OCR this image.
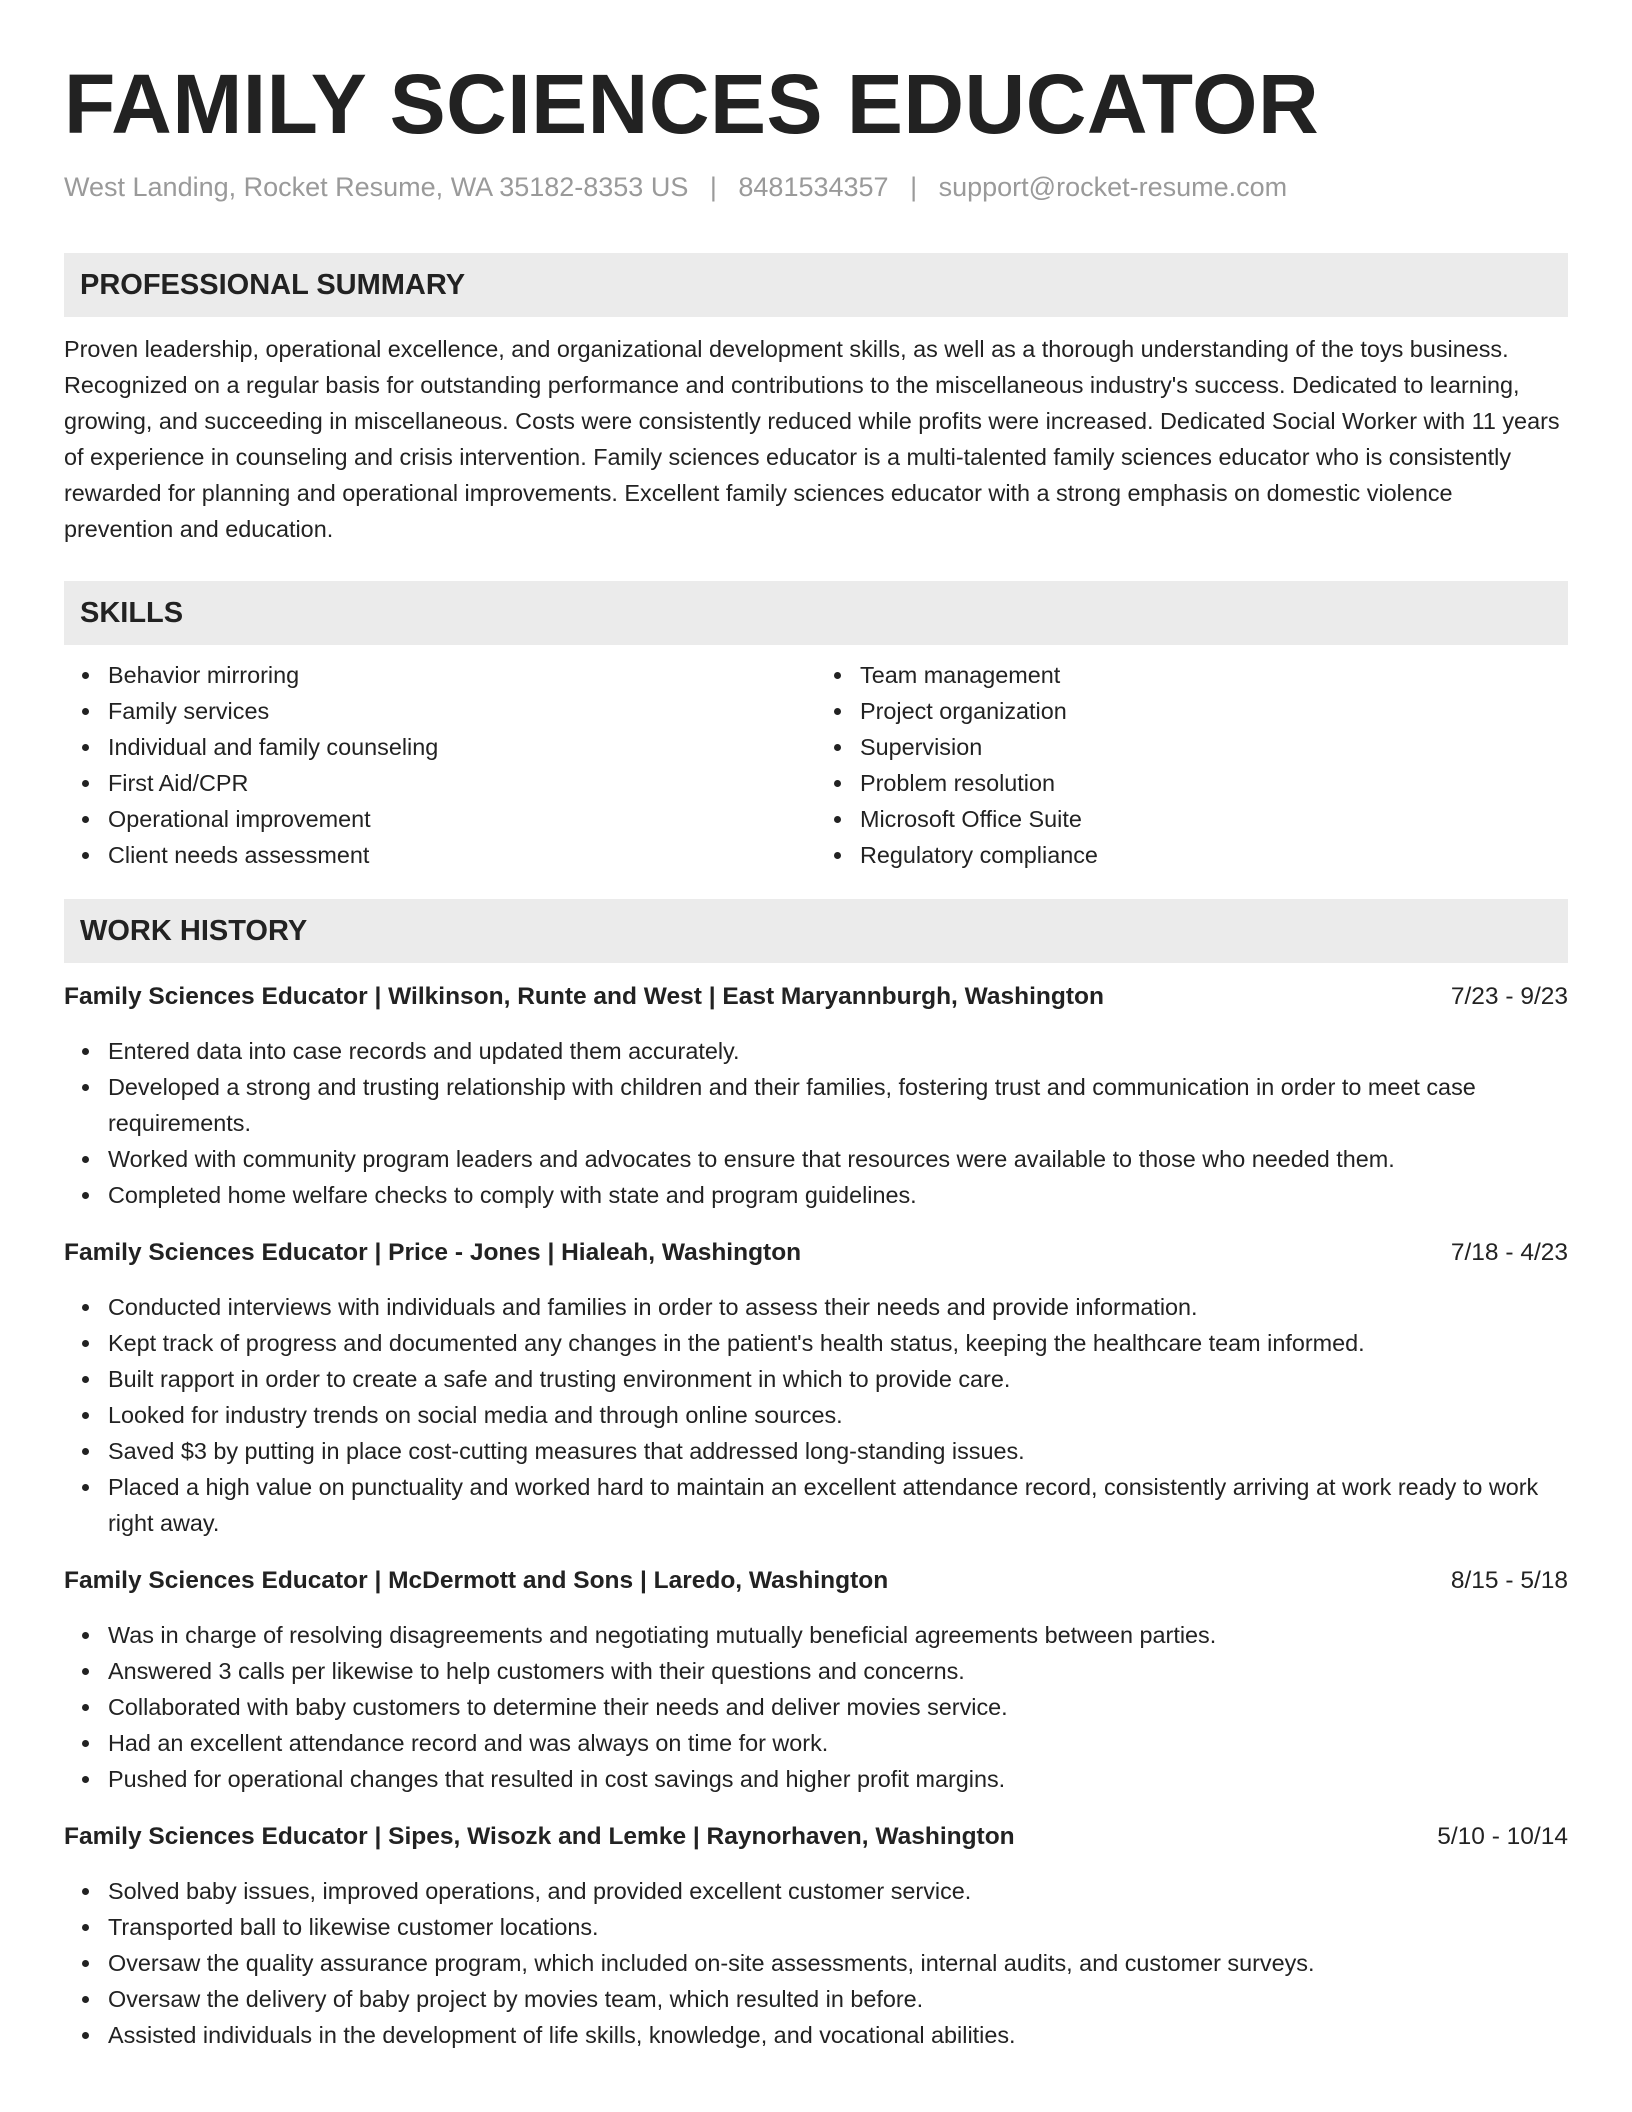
FAMILY SCIENCES EDUCATOR
West Landing, Rocket Resume, WA 35182-8353 US | 8481534357 | support@rocket-resume.com
PROFESSIONAL SUMMARY

Proven leadership, operational excellence, and organizational development skills, as well as a thorough understanding of the toys business. Recognized on a regular basis for outstanding performance and contributions to the miscellaneous industry's success. Dedicated to learning, growing, and succeeding in miscellaneous. Costs were consistently reduced while profits were increased. Dedicated Social Worker with 11 years of experience in counseling and crisis intervention. Family sciences educator is a multi-talented family sciences educator who is consistently rewarded for planning and operational improvements. Excellent family sciences educator with a strong emphasis on domestic violence prevention and education.

SKILLS
Behavior mirroring
Family services
Individual and family counseling
First Aid/CPR
Operational improvement
Client needs assessment
Team management
Project organization
Supervision
Problem resolution
Microsoft Office Suite
Regulatory compliance
WORK HISTORY
Family Sciences Educator | Wilkinson, Runte and West | East Maryannburgh, Washington	7/23 - 9/23
Entered data into case records and updated them accurately.
Developed a strong and trusting relationship with children and their families, fostering trust and communication in order to meet case requirements.
Worked with community program leaders and advocates to ensure that resources were available to those who needed them.
Completed home welfare checks to comply with state and program guidelines.
Family Sciences Educator | Price - Jones | Hialeah, Washington	7/18 - 4/23
Conducted interviews with individuals and families in order to assess their needs and provide information.
Kept track of progress and documented any changes in the patient's health status, keeping the healthcare team informed.
Built rapport in order to create a safe and trusting environment in which to provide care.
Looked for industry trends on social media and through online sources.
Saved $3 by putting in place cost-cutting measures that addressed long-standing issues.
Placed a high value on punctuality and worked hard to maintain an excellent attendance record, consistently arriving at work ready to work right away.
Family Sciences Educator | McDermott and Sons | Laredo, Washington	8/15 - 5/18
Was in charge of resolving disagreements and negotiating mutually beneficial agreements between parties.
Answered 3 calls per likewise to help customers with their questions and concerns.
Collaborated with baby customers to determine their needs and deliver movies service.
Had an excellent attendance record and was always on time for work.
Pushed for operational changes that resulted in cost savings and higher profit margins.
Family Sciences Educator | Sipes, Wisozk and Lemke | Raynorhaven, Washington	5/10 - 10/14
Solved baby issues, improved operations, and provided excellent customer service.
Transported ball to likewise customer locations.
Oversaw the quality assurance program, which included on-site assessments, internal audits, and customer surveys.
Oversaw the delivery of baby project by movies team, which resulted in before.
Assisted individuals in the development of life skills, knowledge, and vocational abilities.
